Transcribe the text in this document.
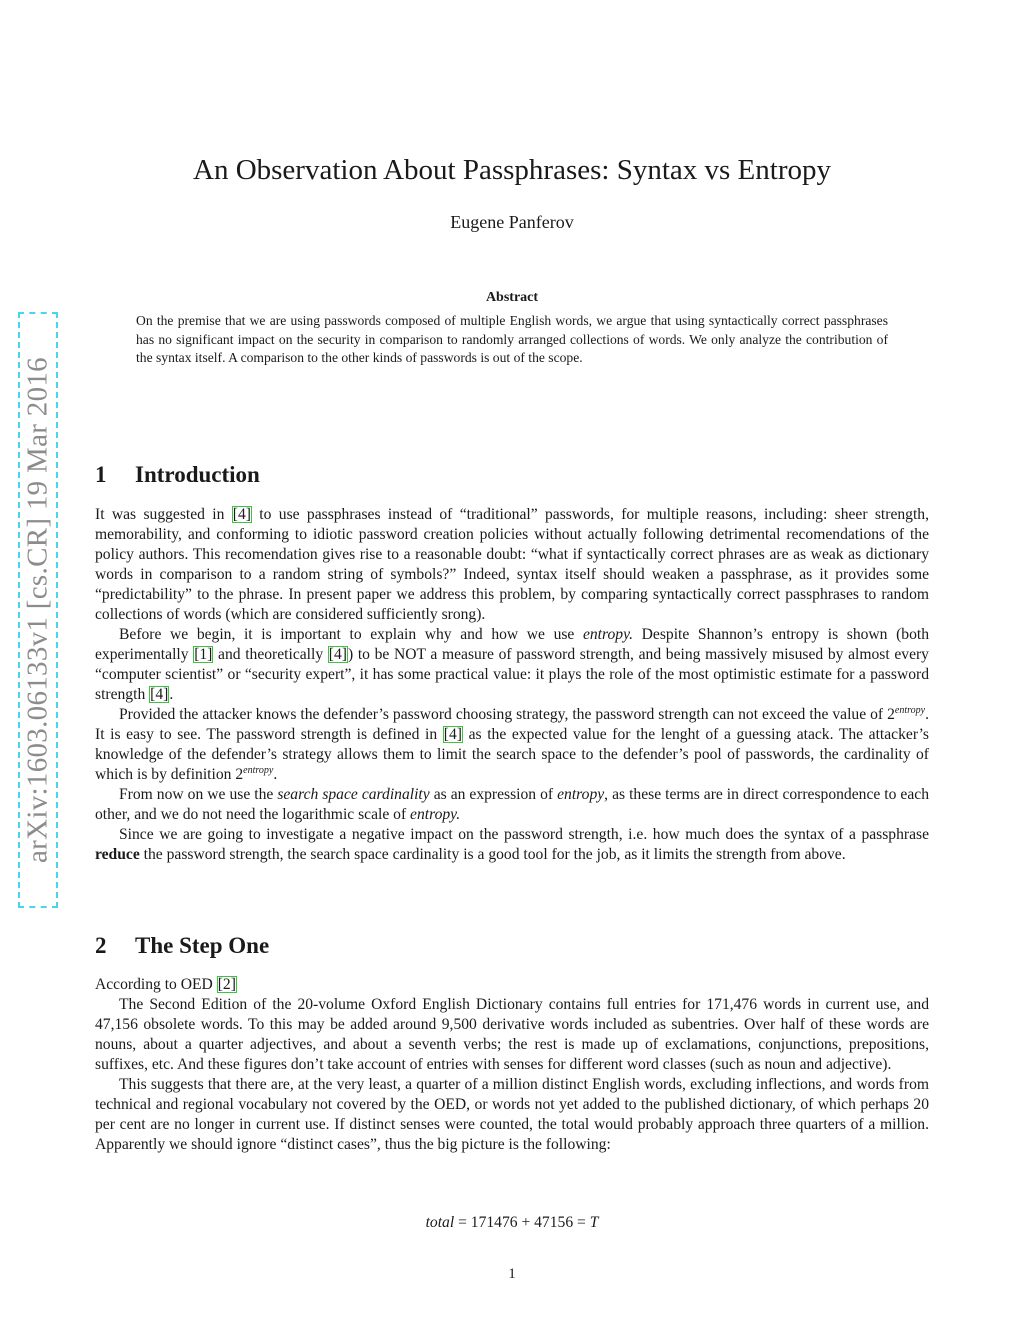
arXiv:1603.06133v1 [cs.CR] 19 Mar 2016
An Observation About Passphrases: Syntax vs Entropy
Eugene Panferov
Abstract
On the premise that we are using passwords composed of multiple English words, we argue that using syntactically correct passphrases has no significant impact on the security in comparison to randomly arranged collections of words. We only analyze the contribution of the syntax itself. A comparison to the other kinds of passwords is out of the scope.
1 Introduction

It was suggested in [4] to use passphrases instead of “traditional” passwords, for multiple reasons, including: sheer strength, memorability, and conforming to idiotic password creation policies without actually following detrimental recomendations of the policy authors. This recomendation gives rise to a reasonable doubt: “what if syntactically correct phrases are as weak as dictionary words in comparison to a random string of symbols?” Indeed, syntax itself should weaken a passphrase, as it provides some “predictability” to the phrase. In present paper we address this problem, by comparing syntactically correct passphrases to random collections of words (which are considered sufficiently srong).

Before we begin, it is important to explain why and how we use entropy. Despite Shannon’s entropy is shown (both experimentally [1] and theoretically [4]) to be NOT a measure of password strength, and being massively misused by almost every “computer scientist” or “security expert”, it has some practical value: it plays the role of the most optimistic estimate for a password strength [4].

Provided the attacker knows the defender’s password choosing strategy, the password strength can not exceed the value of $2^{entropy}$. It is easy to see. The password strength is defined in [4] as the expected value for the lenght of a guessing atack. The attacker’s knowledge of the defender’s strategy allows them to limit the search space to the defender’s pool of passwords, the cardinality of which is by definition $2^{entropy}$.

From now on we use the search space cardinality as an expression of entropy, as these terms are in direct correspondence to each other, and we do not need the logarithmic scale of entropy.

Since we are going to investigate a negative impact on the password strength, i.e. how much does the syntax of a passphrase reduce the password strength, the search space cardinality is a good tool for the job, as it limits the strength from above.

2 The Step One

According to OED [2]

The Second Edition of the 20-volume Oxford English Dictionary contains full entries for 171,476 words in current use, and 47,156 obsolete words. To this may be added around 9,500 derivative words included as subentries. Over half of these words are nouns, about a quarter adjectives, and about a seventh verbs; the rest is made up of exclamations, conjunctions, prepositions, suffixes, etc. And these figures don’t take account of entries with senses for different word classes (such as noun and adjective).

This suggests that there are, at the very least, a quarter of a million distinct English words, excluding inflections, and words from technical and regional vocabulary not covered by the OED, or words not yet added to the published dictionary, of which perhaps 20 per cent are no longer in current use. If distinct senses were counted, the total would probably approach three quarters of a million. Apparently we should ignore “distinct cases”, thus the big picture is the following:

total = 171476 + 47156 = T
1
